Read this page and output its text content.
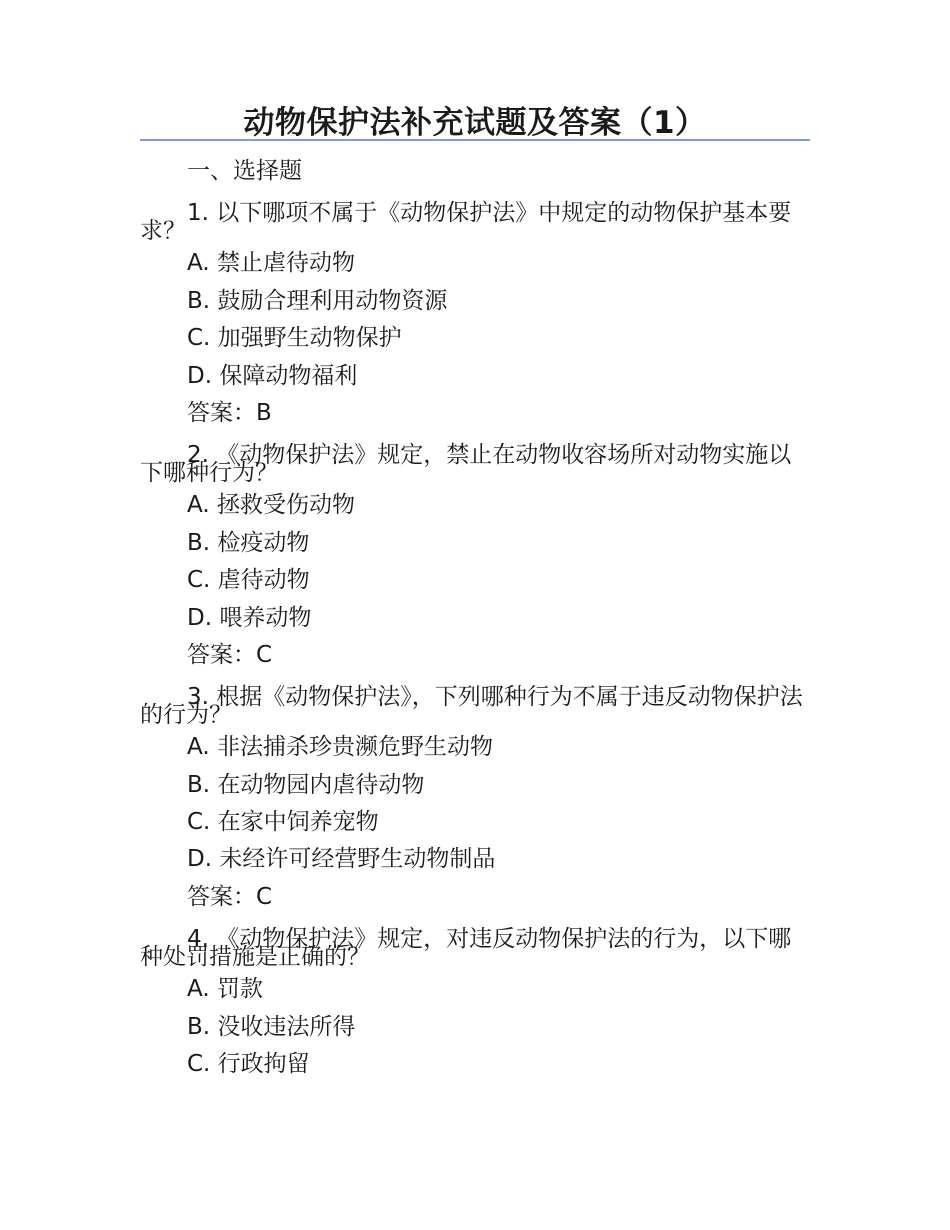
动物保护法补充试题及答案（1）
一、选择题
1. 以下哪项不属于《动物保护法》中规定的动物保护基本要求？
A. 禁止虐待动物
B. 鼓励合理利用动物资源
C. 加强野生动物保护
D. 保障动物福利
答案：B
2. 《动物保护法》规定，禁止在动物收容场所对动物实施以下哪种行为？
A. 拯救受伤动物
B. 检疫动物
C. 虐待动物
D. 喂养动物
答案：C
3. 根据《动物保护法》，下列哪种行为不属于违反动物保护法的行为？
A. 非法捕杀珍贵濒危野生动物
B. 在动物园内虐待动物
C. 在家中饲养宠物
D. 未经许可经营野生动物制品
答案：C
4. 《动物保护法》规定，对违反动物保护法的行为，以下哪种处罚措施是正确的？
A. 罚款
B. 没收违法所得
C. 行政拘留
